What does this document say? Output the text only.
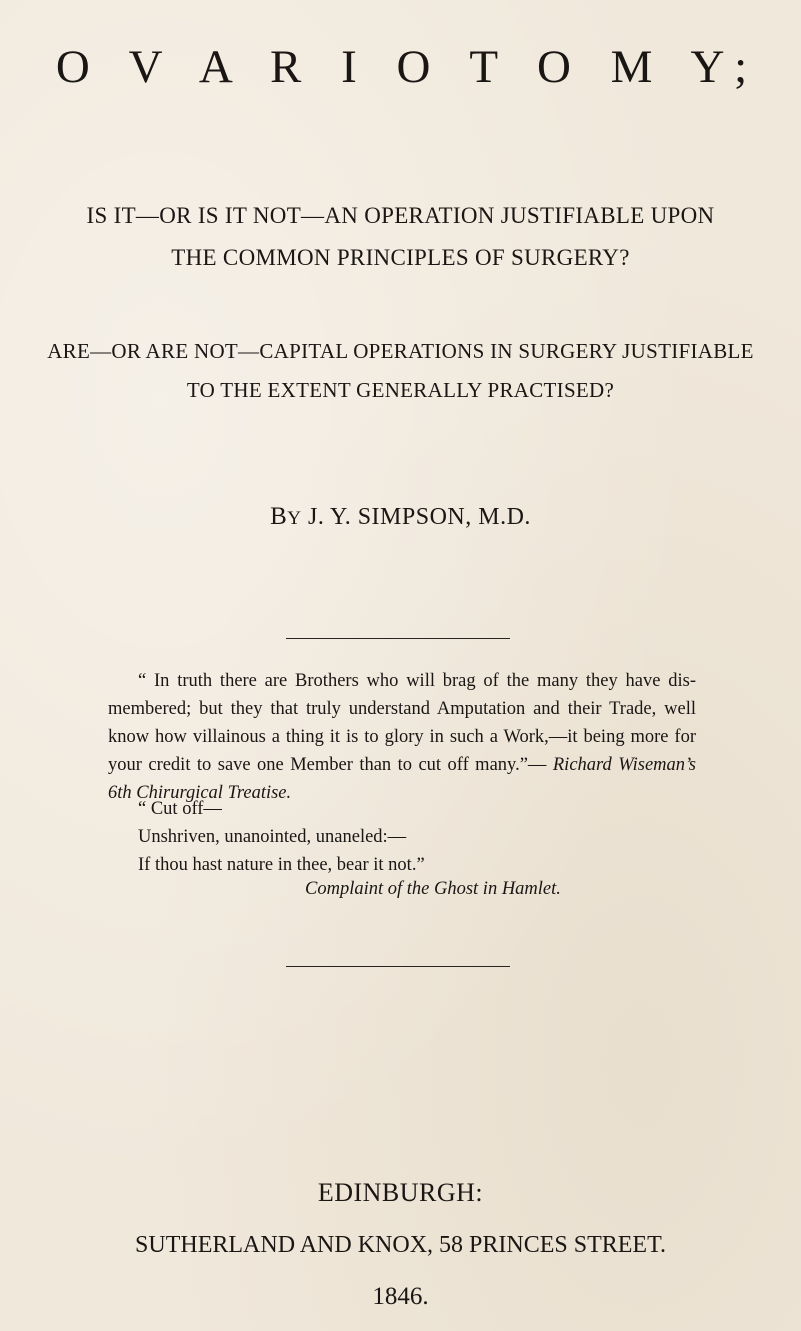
O V A R I O T O M Y;
IS IT—OR IS IT NOT—AN OPERATION JUSTIFIABLE UPON
THE COMMON PRINCIPLES OF SURGERY?
ARE—OR ARE NOT—CAPITAL OPERATIONS IN SURGERY JUSTIFIABLE
TO THE EXTENT GENERALLY PRACTISED?
BY J. Y. SIMPSON, M.D.
“ In truth there are Brothers who will brag of the many they have dis-membered; but they that truly understand Amputation and their Trade, well know how villainous a thing it is to glory in such a Work,—it being more for your credit to save one Member than to cut off many.”— Richard Wiseman’s 6th Chirurgical Treatise.
“ Cut off—
Unshriven, unanointed, unaneled:—
If thou hast nature in thee, bear it not.”
Complaint of the Ghost in Hamlet.
EDINBURGH:
SUTHERLAND AND KNOX, 58 PRINCES STREET.
1846.
